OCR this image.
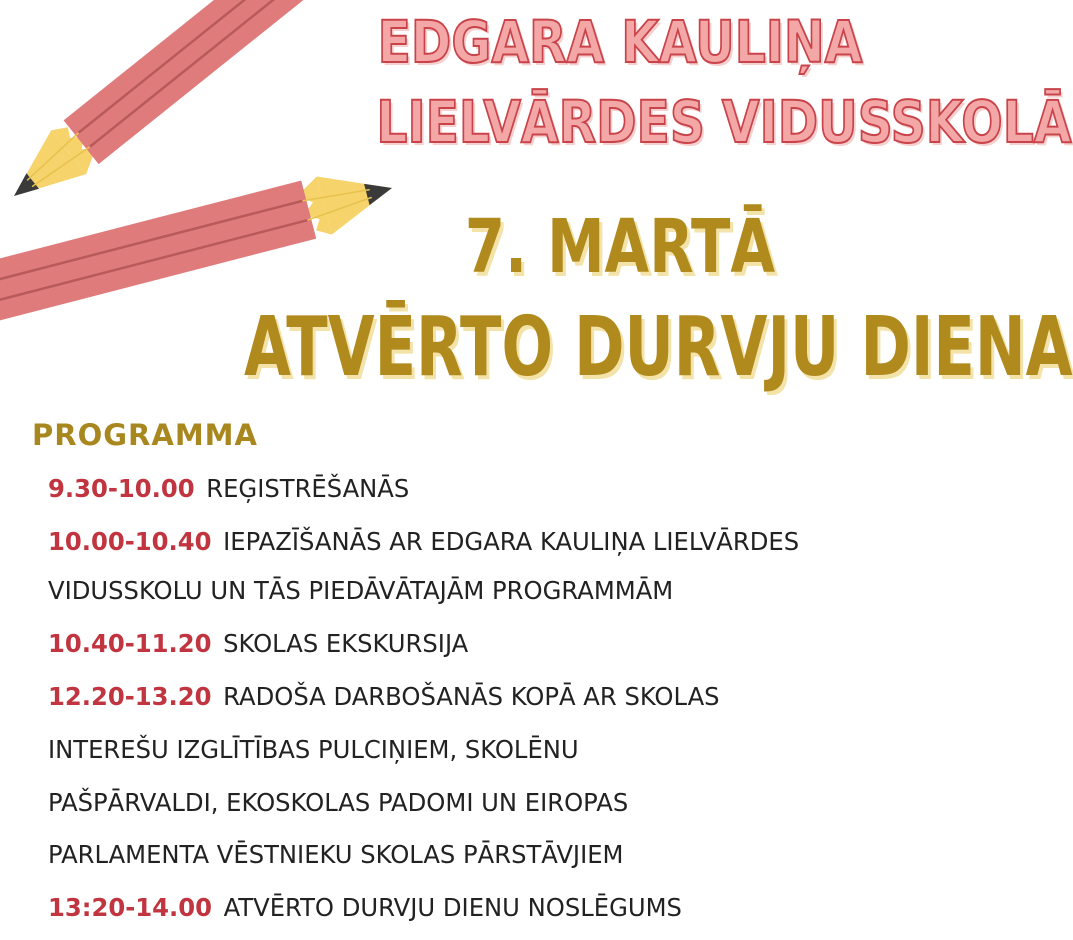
EDGARA KAULIŅA
LIELVĀRDES VIDUSSKOLĀ
7. MARTĀ
ATVĒRTO DURVJU DIENA
PROGRAMMA
9.30-10.00 REĢISTRĒŠANĀS
10.00-10.40 IEPAZĪŠANĀS AR EDGARA KAULIŅA LIELVĀRDES
VIDUSSKOLU UN TĀS PIEDĀVĀTAJĀM PROGRAMMĀM
10.40-11.20 SKOLAS EKSKURSIJA
12.20-13.20 RADOŠA DARBOŠANĀS KOPĀ AR SKOLAS
INTEREŠU IZGLĪTĪBAS PULCIŅIEM, SKOLĒNU
PAŠPĀRVALDI, EKOSKOLAS PADOMI UN EIROPAS
PARLAMENTA VĒSTNIEKU SKOLAS PĀRSTĀVJIEM
13:20-14.00 ATVĒRTO DURVJU DIENU NOSLĒGUMS
